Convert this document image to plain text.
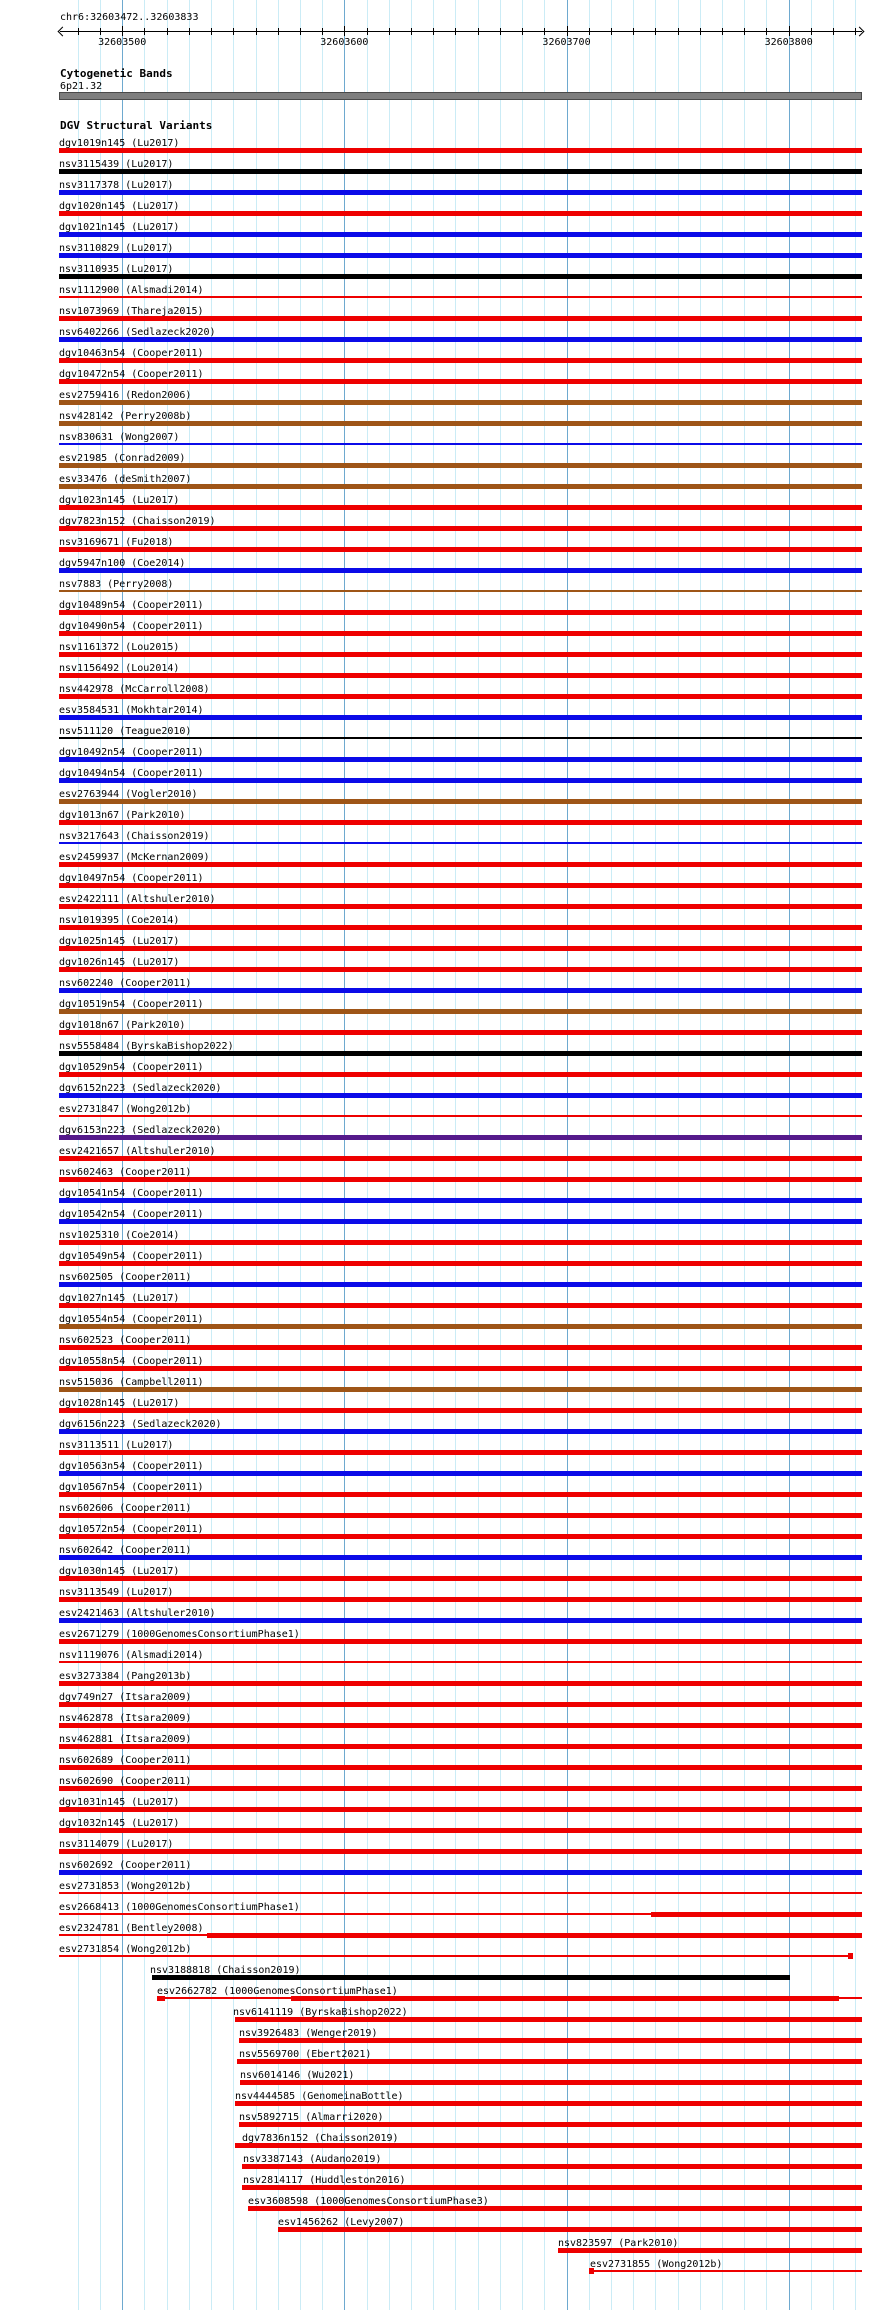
chr6:32603472..32603833
32603500	32603600	32603700	32603800
Cytogenetic Bands
6p21.32
DGV Structural Variants
dgv1019n145 (Lu2017)
nsv3115439 (Lu2017)
nsv3117378 (Lu2017)
dgv1020n145 (Lu2017)
dgv1021n145 (Lu2017)
nsv3110829 (Lu2017)
nsv3110935 (Lu2017)
nsv1112900 (Alsmadi2014)
nsv1073969 (Thareja2015)
nsv6402266 (Sedlazeck2020)
dgv10463n54 (Cooper2011)
dgv10472n54 (Cooper2011)
esv2759416 (Redon2006)
nsv428142 (Perry2008b)
nsv830631 (Wong2007)
esv21985 (Conrad2009)
esv33476 (deSmith2007)
dgv1023n145 (Lu2017)
dgv7823n152 (Chaisson2019)
nsv3169671 (Fu2018)
dgv5947n100 (Coe2014)
nsv7883 (Perry2008)
dgv10489n54 (Cooper2011)
dgv10490n54 (Cooper2011)
nsv1161372 (Lou2015)
nsv1156492 (Lou2014)
nsv442978 (McCarroll2008)
esv3584531 (Mokhtar2014)
nsv511120 (Teague2010)
dgv10492n54 (Cooper2011)
dgv10494n54 (Cooper2011)
esv2763944 (Vogler2010)
dgv1013n67 (Park2010)
nsv3217643 (Chaisson2019)
esv2459937 (McKernan2009)
dgv10497n54 (Cooper2011)
esv2422111 (Altshuler2010)
nsv1019395 (Coe2014)
dgv1025n145 (Lu2017)
dgv1026n145 (Lu2017)
nsv602240 (Cooper2011)
dgv10519n54 (Cooper2011)
dgv1018n67 (Park2010)
nsv5558484 (ByrskaBishop2022)
dgv10529n54 (Cooper2011)
dgv6152n223 (Sedlazeck2020)
esv2731847 (Wong2012b)
dgv6153n223 (Sedlazeck2020)
esv2421657 (Altshuler2010)
nsv602463 (Cooper2011)
dgv10541n54 (Cooper2011)
dgv10542n54 (Cooper2011)
nsv1025310 (Coe2014)
dgv10549n54 (Cooper2011)
nsv602505 (Cooper2011)
dgv1027n145 (Lu2017)
dgv10554n54 (Cooper2011)
nsv602523 (Cooper2011)
dgv10558n54 (Cooper2011)
nsv515036 (Campbell2011)
dgv1028n145 (Lu2017)
dgv6156n223 (Sedlazeck2020)
nsv3113511 (Lu2017)
dgv10563n54 (Cooper2011)
dgv10567n54 (Cooper2011)
nsv602606 (Cooper2011)
dgv10572n54 (Cooper2011)
nsv602642 (Cooper2011)
dgv1030n145 (Lu2017)
nsv3113549 (Lu2017)
esv2421463 (Altshuler2010)
esv2671279 (1000GenomesConsortiumPhase1)
nsv1119076 (Alsmadi2014)
esv3273384 (Pang2013b)
dgv749n27 (Itsara2009)
nsv462878 (Itsara2009)
nsv462881 (Itsara2009)
nsv602689 (Cooper2011)
nsv602690 (Cooper2011)
dgv1031n145 (Lu2017)
dgv1032n145 (Lu2017)
nsv3114079 (Lu2017)
nsv602692 (Cooper2011)
esv2731853 (Wong2012b)
esv2668413 (1000GenomesConsortiumPhase1)
esv2324781 (Bentley2008)
esv2731854 (Wong2012b)
nsv3188818 (Chaisson2019)
esv2662782 (1000GenomesConsortiumPhase1)
nsv6141119 (ByrskaBishop2022)
nsv3926483 (Wenger2019)
nsv5569700 (Ebert2021)
nsv6014146 (Wu2021)
nsv4444585 (GenomeinaBottle)
nsv5892715 (Almarri2020)
dgv7836n152 (Chaisson2019)
nsv3387143 (Audano2019)
nsv2814117 (Huddleston2016)
esv3608598 (1000GenomesConsortiumPhase3)
esv1456262 (Levy2007)
nsv823597 (Park2010)
esv2731855 (Wong2012b)
